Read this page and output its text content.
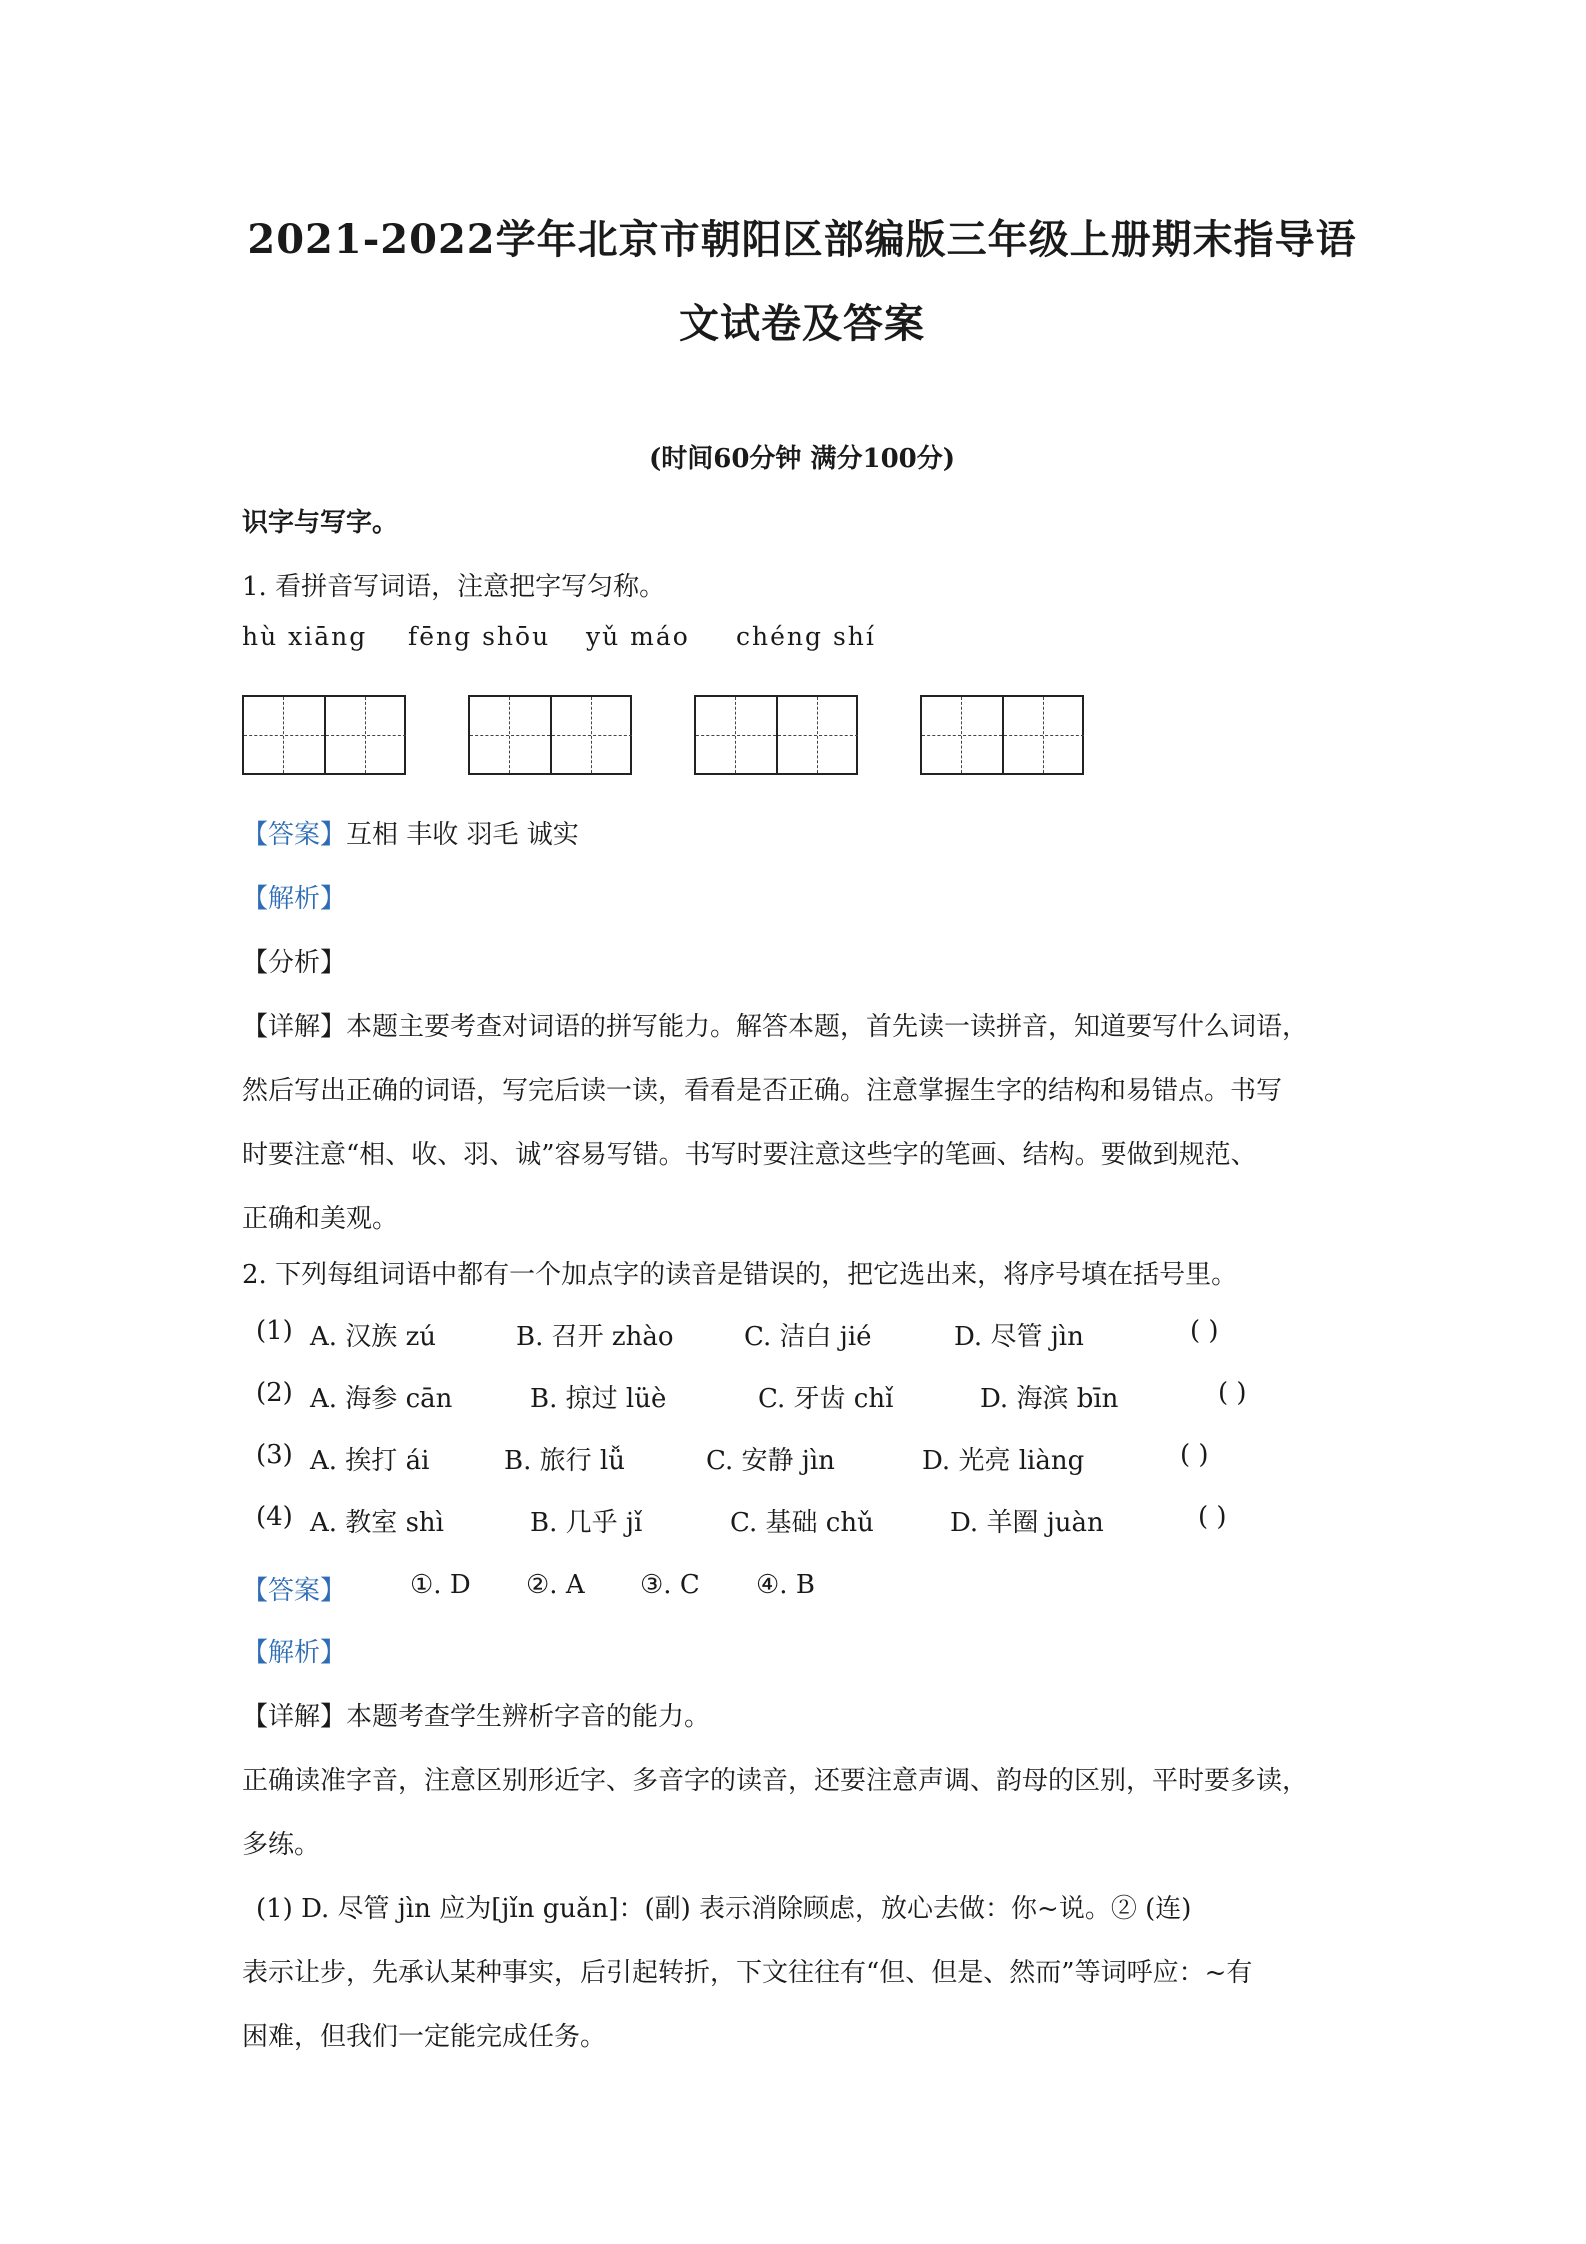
2021-2022学年北京市朝阳区部编版三年级上册期末指导语
文试卷及答案
(时间60分钟 满分100分)
识字与写字。
1. 看拼音写词语，注意把字写匀称。
hù xiāng fēng shōu yǔ máo chéng shí
【答案】互相 丰收 羽毛 诚实
【解析】
【分析】
【详解】本题主要考查对词语的拼写能力。解答本题，首先读一读拼音，知道要写什么词语，
然后写出正确的词语，写完后读一读，看看是否正确。注意掌握生字的结构和易错点。书写
时要注意“相、收、羽、诚”容易写错。书写时要注意这些字的笔画、结构。要做到规范、
正确和美观。
2. 下列每组词语中都有一个加点字的读音是错误的，把它选出来，将序号填在括号里。
(1) A. 汉族 zú	B. 召开 zhào	C. 洁白 jié	D. 尽管 jìn	( )
(2) A. 海参 cān	B. 掠过 lüè	C. 牙齿 chǐ	D. 海滨 bīn	( )
(3) A. 挨打 ái	B. 旅行 lǚ	C. 安静 jìn	D. 光亮 liàng	( )
(4) A. 教室 shì	B. 几乎 jǐ	C. 基础 chǔ	D. 羊圈 juàn	( )
【答案】 ①. D ②. A ③. C ④. B
【解析】
【详解】本题考查学生辨析字音的能力。
正确读准字音，注意区别形近字、多音字的读音，还要注意声调、韵母的区别，平时要多读，
多练。
(1) D. 尽管 jìn 应为[jǐn guǎn]：(副) 表示消除顾虑，放心去做：你~说。② (连)
表示让步，先承认某种事实，后引起转折，下文往往有“但、但是、然而”等词呼应：~有
困难，但我们一定能完成任务。
